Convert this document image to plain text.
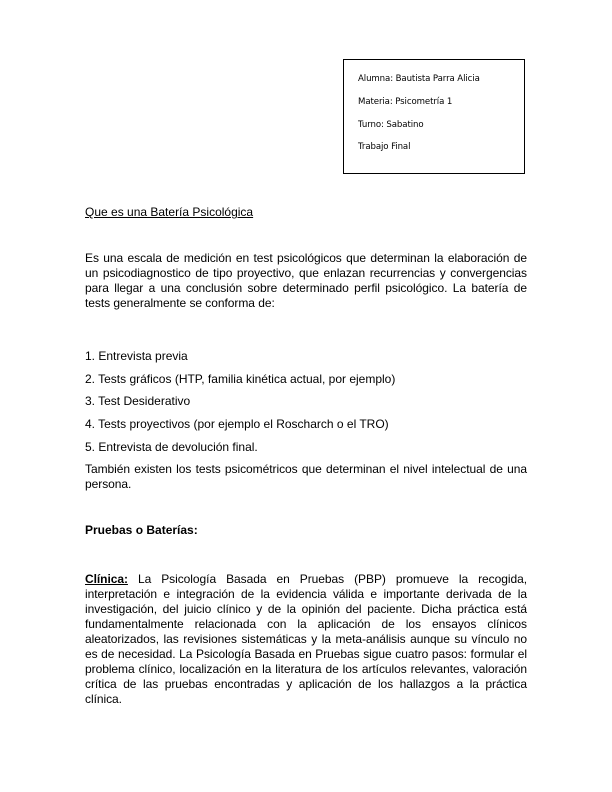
Alumna: Bautista Parra Alicia
Materia: Psicometría 1
Turno: Sabatino
Trabajo Final
Que es una Batería Psicológica

Es una escala de medición en test psicológicos que determinan la elaboración de un psicodiagnostico de tipo proyectivo, que enlazan recurrencias y convergencias para llegar a una conclusión sobre determinado perfil psicológico. La batería de tests generalmente se conforma de:

1. Entrevista previa
2. Tests gráficos (HTP, familia kinética actual, por ejemplo)
3. Test Desiderativo
4. Tests proyectivos (por ejemplo el Roscharch o el TRO)
5. Entrevista de devolución final.

También existen los tests psicométricos que determinan el nivel intelectual de una persona.

Pruebas o Baterías:

Clínica: La Psicología Basada en Pruebas (PBP) promueve la recogida, interpretación e integración de la evidencia válida e importante derivada de la investigación, del juicio clínico y de la opinión del paciente. Dicha práctica está fundamentalmente relacionada con la aplicación de los ensayos clínicos aleatorizados, las revisiones sistemáticas y la meta-análisis aunque su vínculo no es de necesidad. La Psicología Basada en Pruebas sigue cuatro pasos: formular el problema clínico, localización en la literatura de los artículos relevantes, valoración crítica de las pruebas encontradas y aplicación de los hallazgos a la práctica clínica.
